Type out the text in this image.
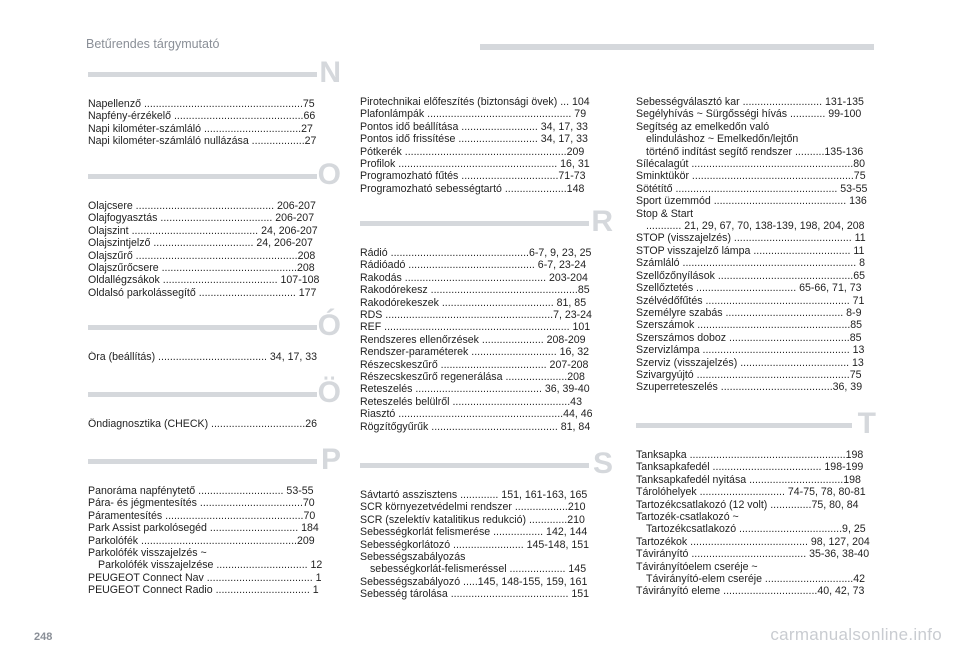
Betűrendes tárgymutató
N
Napellenző ......................................................75
Napfény-érzékelő ............................................66
Napi kilométer-számláló .................................27
Napi kilométer-számláló nullázása ..................27
O
Olajcsere ............................................... 206-207
Olajfogyasztás ...................................... 206-207
Olajszint ........................................... 24, 206-207
Olajszintjelző .................................. 24, 206-207
Olajszűrő .......................................................208
Olajszűrőcsere ..............................................208
Oldallégzsákok ....................................... 107-108
Oldalsó parkolássegítő ................................. 177
Ó
Óra (beállítás) ..................................... 34, 17, 33
Ö
Öndiagnosztika (CHECK) ................................26
P
Panoráma napfénytető ............................. 53-55
Pára- és jégmentesítés ...................................70
Páramentesítés ...............................................70
Park Assist parkolósegéd .............................. 184
Parkolófék .....................................................209
Parkolófék visszajelzés ~
Parkolófék visszajelzése ............................... 12
PEUGEOT Connect Nav .................................... 1
PEUGEOT Connect Radio ................................ 1
Pirotechnikai előfeszítés (biztonsági övek) ... 104
Plafonlámpák ................................................. 79
Pontos idő beállítása .......................... 34, 17, 33
Pontos idő frissítése ........................... 34, 17, 33
Pótkerék .......................................................209
Profilok ...................................................... 16, 31
Programozható fűtés .................................71-73
Programozható sebességtartó .....................148
R
Rádió ...............................................6-7, 9, 23, 25
Rádióadó ........................................... 6-7, 23-24
Rakodás ................................................ 203-204
Rakodórekesz ..................................................85
Rakodórekeszek ...................................... 81, 85
RDS .........................................................7, 23-24
REF ............................................................... 101
Rendszeres ellenőrzések ..................... 208-209
Rendszer-paraméterek ............................. 16, 32
Részecskeszűrő .................................... 207-208
Részecskeszűrő regenerálása .....................208
Reteszelés ........................................... 36, 39-40
Reteszelés belülről ........................................43
Riasztó ........................................................44, 46
Rögzítőgyűrűk ........................................... 81, 84
S
Sávtartó asszisztens ............. 151, 161-163, 165
SCR környezetvédelmi rendszer ..................210
SCR (szelektív katalitikus redukció) .............210
Sebességkorlát felismerése ................. 142, 144
Sebességkorlátozó ........................ 145-148, 151
Sebességszabályozás
sebességkorlát-felismeréssel ................... 145
Sebességszabályozó .....145, 148-155, 159, 161
Sebesség tárolása ........................................ 151
Sebességválasztó kar ........................... 131-135
Segélyhívás ~ Sürgősségi hívás ............ 99-100
Segítség az emelkedőn való
elinduláshoz ~ Emelkedőn/lejtőn
történő indítást segítő rendszer ..........135-136
Sílécalagút .......................................................80
Sminktükör .......................................................75
Sötétítő ....................................................... 53-55
Sport üzemmód ............................................. 136
Stop & Start
............ 21, 29, 67, 70, 138-139, 198, 204, 208
STOP (visszajelzés) ........................................ 11
STOP visszajelző lámpa ................................. 11
Számláló ........................................................... 8
Szellőzőnyílások ..............................................65
Szellőztetés .................................. 65-66, 71, 73
Szélvédőfűtés ................................................. 71
Személyre szabás ........................................ 8-9
Szerszámok ....................................................85
Szerszámos doboz .........................................85
Szervizlámpa .................................................. 13
Szerviz (visszajelzés) ..................................... 13
Szivargyújtó ....................................................75
Szuperreteszelés ......................................36, 39
T
Tanksapka .....................................................198
Tanksapkafedél ..................................... 198-199
Tanksapkafedél nyitása ................................198
Tárolóhelyek ............................. 74-75, 78, 80-81
Tartozékcsatlakozó (12 volt) ..............75, 80, 84
Tartozék-csatlakozó ~
Tartozékcsatlakozó ...................................9, 25
Tartozékok ........................................ 98, 127, 204
Távirányító ....................................... 35-36, 38-40
Távirányítóelem cseréje ~
Távirányító-elem cseréje ..............................42
Távirányító eleme ................................40, 42, 73
248	carmanualsonline.info
